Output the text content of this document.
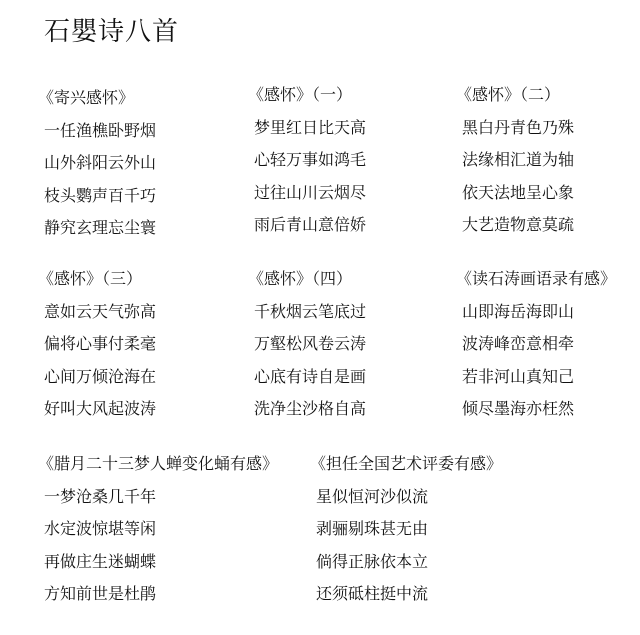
石嬰诗八首
《寄兴感怀》
一任渔樵卧野烟
山外斜阳云外山
枝头鹦声百千巧
静究玄理忘尘寰
《感怀》（一）
梦里红日比天高
心轻万事如鸿毛
过往山川云烟尽
雨后青山意倍娇
《感怀》（二）
黑白丹青色乃殊
法缘相汇道为轴
依天法地呈心象
大艺造物意莫疏
《感怀》（三）
意如云天气弥高
偏将心事付柔毫
心间万倾沧海在
好叫大风起波涛
《感怀》（四）
千秋烟云笔底过
万壑松风卷云涛
心底有诗自是画
洗净尘沙格自高
《读石涛画语录有感》
山即海岳海即山
波涛峰峦意相牵
若非河山真知己
倾尽墨海亦枉然
《腊月二十三梦人蝉变化蛹有感》
一梦沧桑几千年
水定波惊堪等闲
再做庄生迷蝴蝶
方知前世是杜鹃
《担任全国艺术评委有感》
星似恒河沙似流
剥骊剔珠甚无由
倘得正脉依本立
还须砥柱挺中流
